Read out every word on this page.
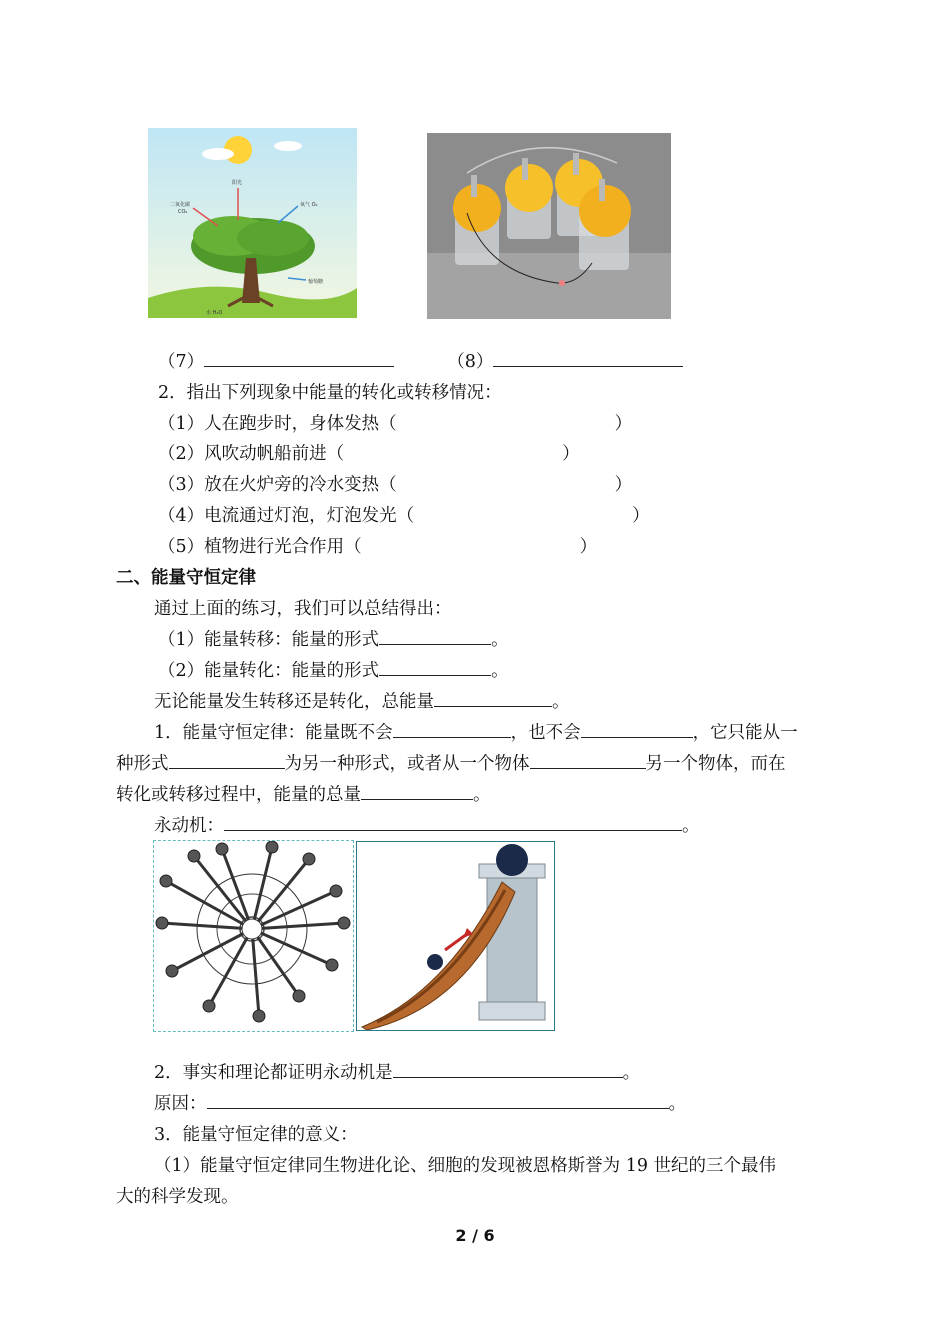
阳光
二氧化碳
CO₂
氧气 O₂
葡萄糖
水 H₂O
（7）	（8）
2．指出下列现象中能量的转化或转移情况：
（1）人在跑步时，身体发热（	）
（2）风吹动帆船前进（	）
（3）放在火炉旁的冷水变热（	）
（4）电流通过灯泡，灯泡发光（	）
（5）植物进行光合作用（	）
二、能量守恒定律
通过上面的练习，我们可以总结得出：
（1）能量转移：能量的形式	。
（2）能量转化：能量的形式	。
无论能量发生转移还是转化，总能量	。
1．能量守恒定律：能量既不会	，也不会	，它只能从一
种形式	为另一种形式，或者从一个物体	另一个物体，而在
转化或转移过程中，能量的总量	。
永动机：	。
2．事实和理论都证明永动机是	。
原因：	。
3．能量守恒定律的意义：
（1）能量守恒定律同生物进化论、细胞的发现被恩格斯誉为 19 世纪的三个最伟
大的科学发现。
2 / 6
